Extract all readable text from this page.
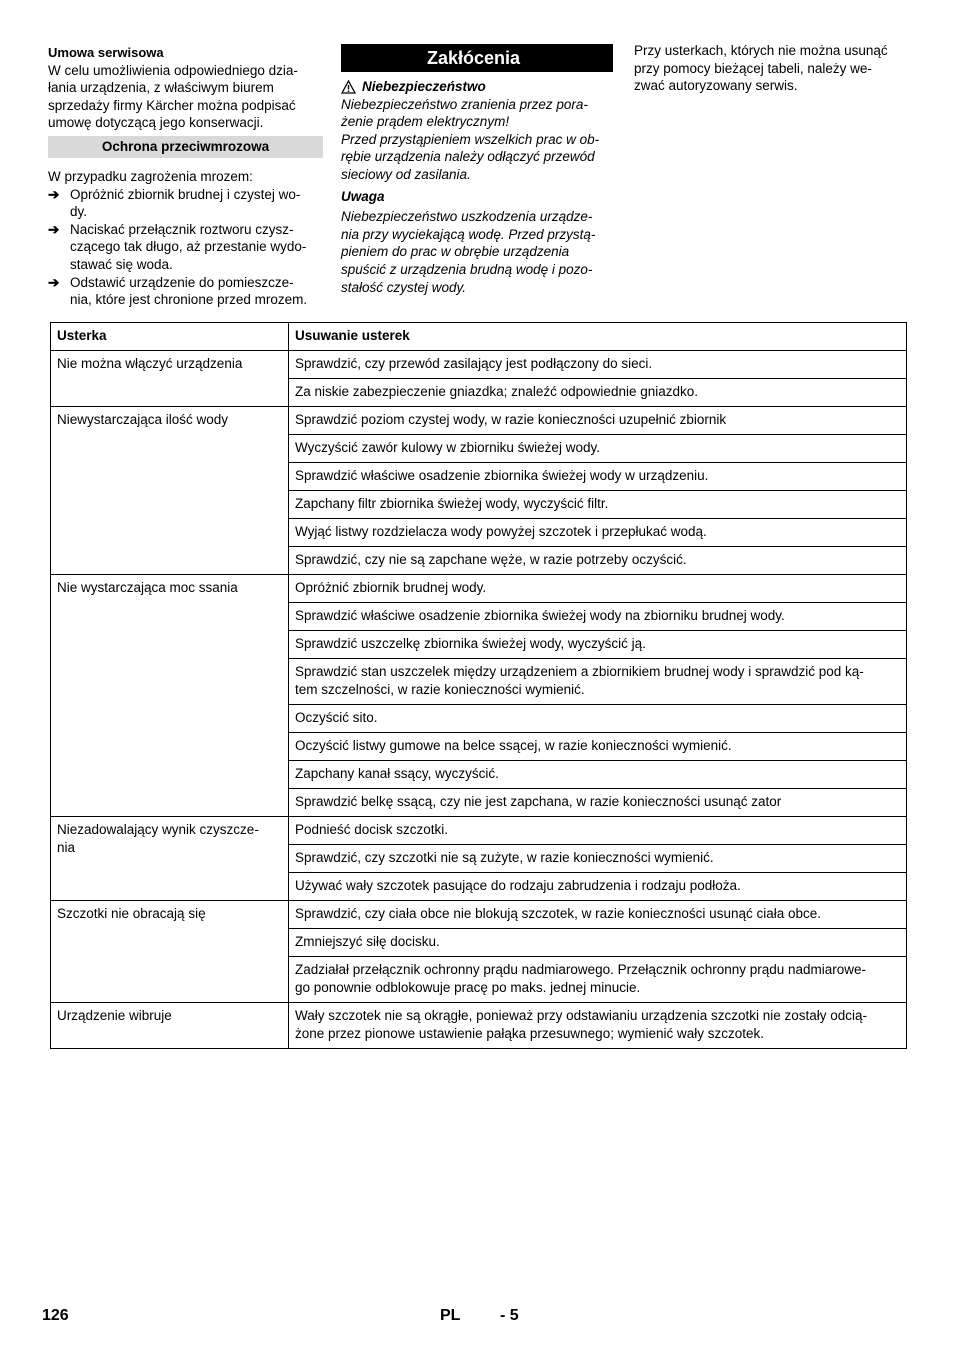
Umowa serwisowa

W celu umożliwienia odpowiedniego dzia-
łania urządzenia, z właściwym biurem
sprzedaży firmy Kärcher można podpisać
umowę dotyczącą jego konserwacji.

Ochrona przeciwmrozowa

W przypadku zagrożenia mrozem:

➔ Opróżnić zbiornik brudnej i czystej wo-
dy.
➔ Naciskać przełącznik roztworu czysz-
czącego tak długo, aż przestanie wydo-
stawać się woda.
➔ Odstawić urządzenie do pomieszcze-
nia, które jest chronione przed mrozem.
Zakłócenia
Niebezpieczeństwo

Niebezpieczeństwo zranienia przez pora-
żenie prądem elektrycznym!
Przed przystąpieniem wszelkich prac w ob-
rębie urządzenia należy odłączyć przewód
sieciowy od zasilania.

Uwaga

Niebezpieczeństwo uszkodzenia urządze-
nia przy wyciekającą wodę. Przed przystą-
pieniem do prac w obrębie urządzenia
spuścić z urządzenia brudną wodę i pozo-
stałość czystej wody.

Przy usterkach, których nie można usunąć
przy pomocy bieżącej tabeli, należy we-
zwać autoryzowany serwis.

Usterka	Usuwanie usterek
Nie można włączyć urządzenia	Sprawdzić, czy przewód zasilający jest podłączony do sieci.
	Za niskie zabezpieczenie gniazdka; znaleźć odpowiednie gniazdko.
Niewystarczająca ilość wody	Sprawdzić poziom czystej wody, w razie konieczności uzupełnić zbiornik
	Wyczyścić zawór kulowy w zbiorniku świeżej wody.
	Sprawdzić właściwe osadzenie zbiornika świeżej wody w urządzeniu.
	Zapchany filtr zbiornika świeżej wody, wyczyścić filtr.
	Wyjąć listwy rozdzielacza wody powyżej szczotek i przepłukać wodą.
	Sprawdzić, czy nie są zapchane węże, w razie potrzeby oczyścić.
Nie wystarczająca moc ssania	Opróżnić zbiornik brudnej wody.
	Sprawdzić właściwe osadzenie zbiornika świeżej wody na zbiorniku brudnej wody.
	Sprawdzić uszczelkę zbiornika świeżej wody, wyczyścić ją.
	Sprawdzić stan uszczelek między urządzeniem a zbiornikiem brudnej wody i sprawdzić pod ką-
tem szczelności, w razie konieczności wymienić.
	Oczyścić sito.
	Oczyścić listwy gumowe na belce ssącej, w razie konieczności wymienić.
	Zapchany kanał ssący, wyczyścić.
	Sprawdzić belkę ssącą, czy nie jest zapchana, w razie konieczności usunąć zator
Niezadowalający wynik czyszcze-
nia	Podnieść docisk szczotki.
	Sprawdzić, czy szczotki nie są zużyte, w razie konieczności wymienić.
	Używać wały szczotek pasujące do rodzaju zabrudzenia i rodzaju podłoża.
Szczotki nie obracają się	Sprawdzić, czy ciała obce nie blokują szczotek, w razie konieczności usunąć ciała obce.
	Zmniejszyć siłę docisku.
	Zadziałał przełącznik ochronny prądu nadmiarowego. Przełącznik ochronny prądu nadmiarowe-
go ponownie odblokowuje pracę po maks. jednej minucie.
Urządzenie wibruje	Wały szczotek nie są okrągłe, ponieważ przy odstawianiu urządzenia szczotki nie zostały odcią-
żone przez pionowe ustawienie pałąka przesuwnego; wymienić wały szczotek.
126	PL - 5
